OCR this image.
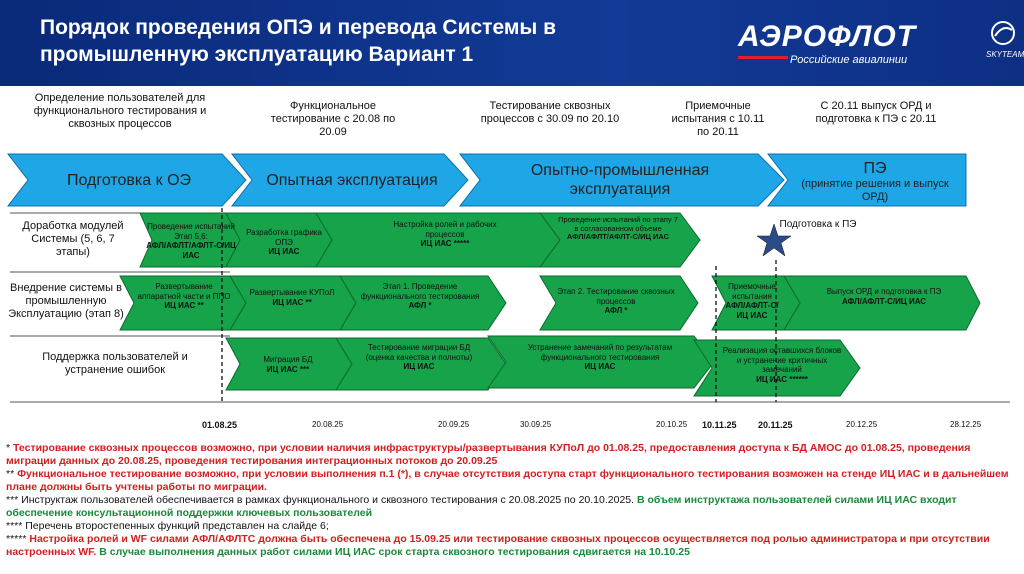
Порядок проведения ОПЭ и перевода Системы в промышленную эксплуатацию Вариант 1
АЭРОФЛОТ
Российские авиалинии	SKYTEAM
Определение пользователей для функционального тестирования и сквозных процессов
Функциональное тестирование с 20.08 по 20.09
Тестирование сквозных процессов с 30.09 по 20.10
Приемочные испытания с 10.11 по 20.11
С 20.11 выпуск ОРД и подготовка к ПЭ с 20.11
Подготовка к ОЭ	Опытная эксплуатация
Опытно-промышленная эксплуатация
ПЭ
(принятие решения и выпуск ОРД)
Доработка модулей Системы (5, 6, 7 этапы)
Внедрение системы в промышленную Эксплуатацию (этап 8)
Поддержка пользователей и устранение ошибок
Проведение испытаний
Этап 5,6:
АФЛ/АФЛТ/АФЛТ-С/ИЦ ИАС
Разработка графика ОПЭ
ИЦ ИАС
Настройка ролей и рабочих процессов
ИЦ ИАС *****
Проведение испытаний по этапу 7 в согласованном объеме
АФЛ/АФЛТ/АФЛТ-С/ИЦ ИАС
Подготовка к ПЭ
Развертывание аппаратной части и ППО
ИЦ ИАС **
Развертывание КУПоЛ
ИЦ ИАС **
Этап 1. Проведение функционального тестирования
АФЛ *
Этап 2. Тестирование сквозных процессов
АФЛ *
Приемочные испытания
АФЛ/АФЛТ-С/ИЦ ИАС
Выпуск ОРД и подготовка к ПЭ
АФЛ/АФЛТ-С/ИЦ ИАС
Миграция БД
ИЦ ИАС ***
Тестирование миграции БД (оценка качества и полноты)
ИЦ ИАС
Устранение замечаний по результатам функционального тестирования
ИЦ ИАС
Реализация оставшихся блоков и устранение критичных замечаний
ИЦ ИАС ******
01.08.25	20.08.25	20.09.25	30.09.25	20.10.25 10.11.25 20.11.25	20.12.25	28.12.25

* Тестирование сквозных процессов возможно, при условии наличия инфраструктуры/развертывания КУПоЛ до 01.08.25, предоставления доступа к БД АМОС до 01.08.25, проведения миграции данных до 20.08.25, проведения тестирования интеграционных потоков до 20.09.25

** Функциональное тестирование возможно, при условии выполнения п.1 (*), в случае отсутствия доступа старт функционального тестирования возможен на стенде ИЦ ИАС и в дальнейшем плане должны быть учтены работы по миграции.

*** Инструктаж пользователей обеспечивается в рамках функционального и сквозного тестирования с 20.08.2025 по 20.10.2025. В объем инструктажа пользователей силами ИЦ ИАС входит обеспечение консультационной поддержки ключевых пользователей

**** Перечень второстепенных функций представлен на слайде 6;

***** Настройка ролей и WF силами АФЛ/АФЛТС должна быть обеспечена до 15.09.25 или тестирование сквозных процессов осуществляется под ролью администратора и при отсутствии настроенных WF. В случае выполнения данных работ силами ИЦ ИАС срок старта сквозного тестирования сдвигается на 10.10.25
